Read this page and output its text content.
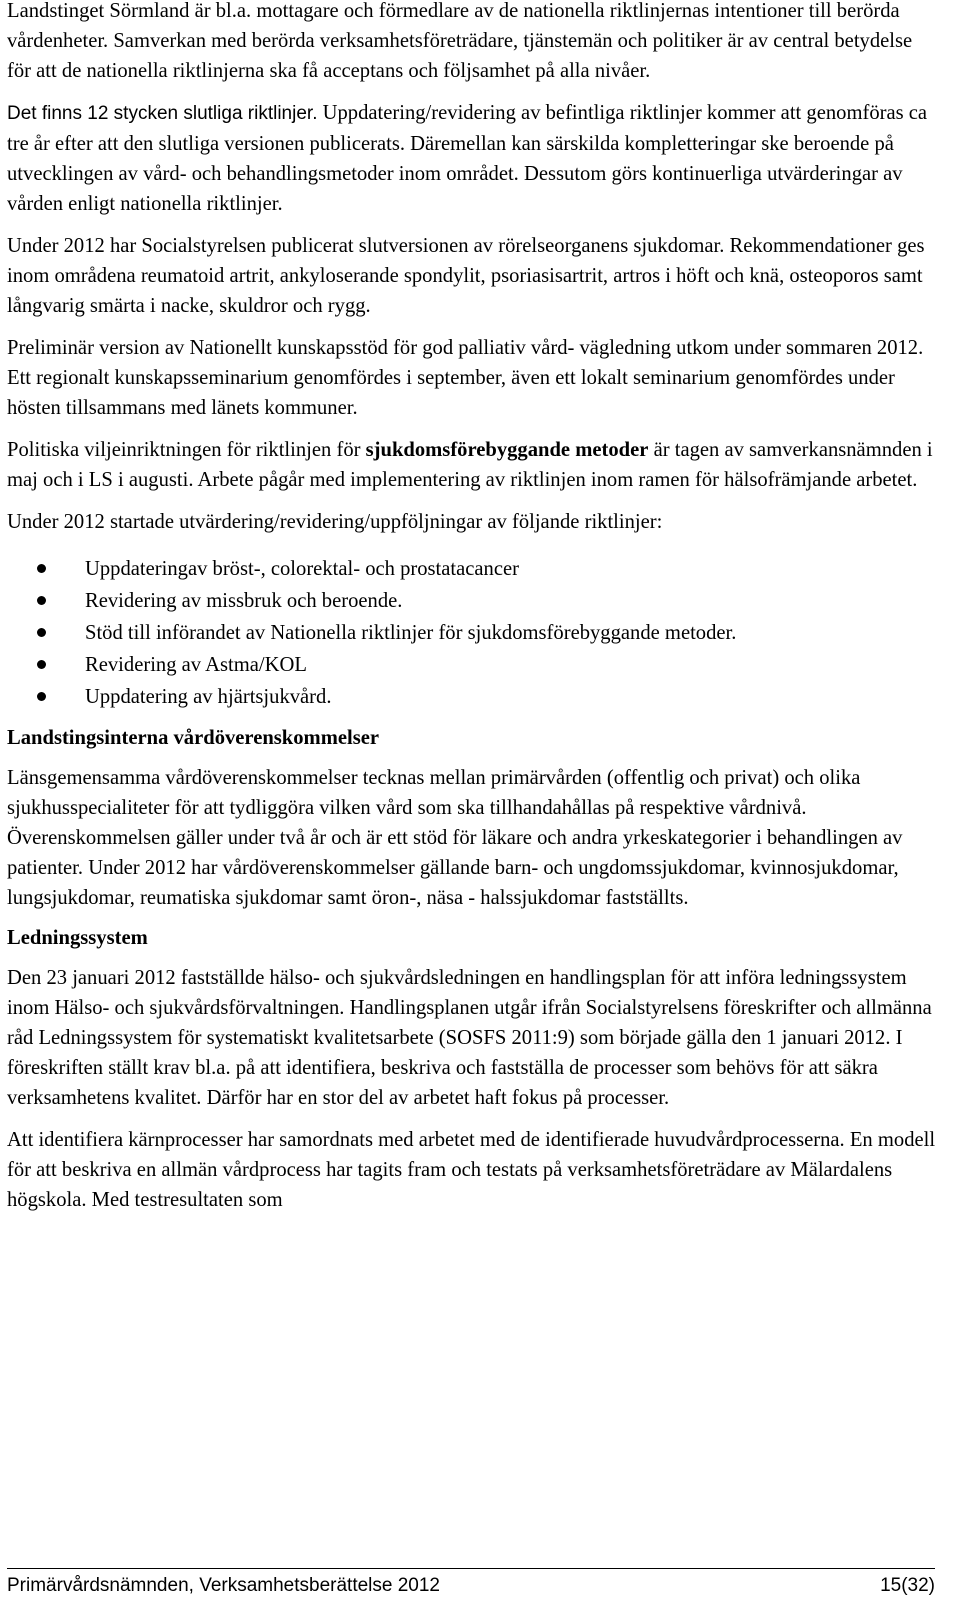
Landstinget Sörmland är bl.a. mottagare och förmedlare av de nationella riktlinjernas intentioner till berörda vårdenheter. Samverkan med berörda verksamhetsföreträdare, tjänstemän och politiker är av central betydelse för att de nationella riktlinjerna ska få acceptans och följsamhet på alla nivåer.

Det finns 12 stycken slutliga riktlinjer. Uppdatering/revidering av befintliga riktlinjer kommer att genomföras ca tre år efter att den slutliga versionen publicerats. Däremellan kan särskilda kompletteringar ske beroende på utvecklingen av vård- och behandlingsmetoder inom området. Dessutom görs kontinuerliga utvärderingar av vården enligt nationella riktlinjer.

Under 2012 har Socialstyrelsen publicerat slutversionen av rörelseorganens sjukdomar. Rekommendationer ges inom områdena reumatoid artrit, ankyloserande spondylit, psoriasisartrit, artros i höft och knä, osteoporos samt långvarig smärta i nacke, skuldror och rygg.

Preliminär version av Nationellt kunskapsstöd för god palliativ vård- vägledning utkom under sommaren 2012. Ett regionalt kunskapsseminarium genomfördes i september, även ett lokalt seminarium genomfördes under hösten tillsammans med länets kommuner.

Politiska viljeinriktningen för riktlinjen för sjukdomsförebyggande metoder är tagen av samverkansnämnden i maj och i LS i augusti. Arbete pågår med implementering av riktlinjen inom ramen för hälsofrämjande arbetet.

Under 2012 startade utvärdering/revidering/uppföljningar av följande riktlinjer:

Uppdateringav bröst-, colorektal- och prostatacancer
Revidering av missbruk och beroende.
Stöd till införandet av Nationella riktlinjer för sjukdomsförebyggande metoder.
Revidering av Astma/KOL
Uppdatering av hjärtsjukvård.

Landstingsinterna vårdöverenskommelser

Länsgemensamma vårdöverenskommelser tecknas mellan primärvården (offentlig och privat) och olika sjukhusspecialiteter för att tydliggöra vilken vård som ska tillhandahållas på respektive vårdnivå. Överenskommelsen gäller under två år och är ett stöd för läkare och andra yrkeskategorier i behandlingen av patienter. Under 2012 har vårdöverenskommelser gällande barn- och ungdomssjukdomar, kvinnosjukdomar, lungsjukdomar, reumatiska sjukdomar samt öron-, näsa - halssjukdomar fastställts.

Ledningssystem

Den 23 januari 2012 fastställde hälso- och sjukvårdsledningen en handlingsplan för att införa ledningssystem inom Hälso- och sjukvårdsförvaltningen. Handlingsplanen utgår ifrån Socialstyrelsens föreskrifter och allmänna råd Ledningssystem för systematiskt kvalitetsarbete (SOSFS 2011:9) som började gälla den 1 januari 2012. I föreskriften ställt krav bl.a. på att identifiera, beskriva och fastställa de processer som behövs för att säkra verksamhetens kvalitet. Därför har en stor del av arbetet haft fokus på processer.

Att identifiera kärnprocesser har samordnats med arbetet med de identifierade huvudvårdprocesserna. En modell för att beskriva en allmän vårdprocess har tagits fram och testats på verksamhetsföreträdare av Mälardalens högskola. Med testresultaten som

Primärvårdsnämnden, Verksamhetsberättelse 2012	15(32)
